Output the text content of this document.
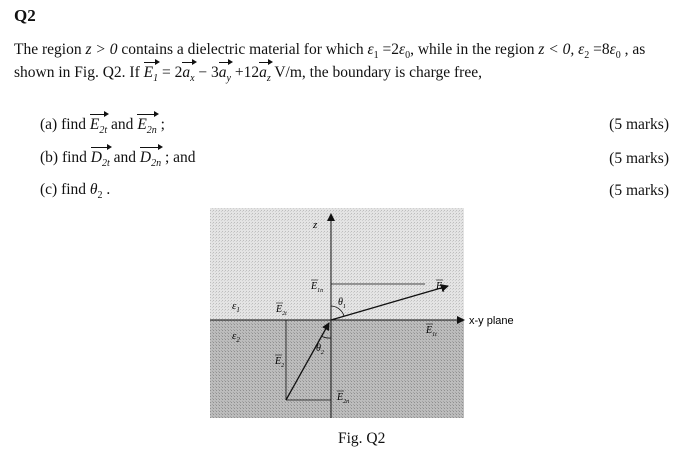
Q2
The region z > 0 contains a dielectric material for which $\varepsilon_1 =2\varepsilon_0$, while in the region z < 0, $\varepsilon_2 =8\varepsilon_0$ , as
shown in Fig. Q2. If $E_1 = 2a_x - 3a_y +12a_z$ V/m, the boundary is charge free,
(a) find $E_{2t}$ and $E_{2n}$ ;	(5 marks)
(b) find $D_{2t}$ and $D_{2n}$ ; and	(5 marks)
(c) find $\theta_2$ .	(5 marks)
z
$\varepsilon_1$
$\varepsilon_2$
$E_{1n}$	$E_1$
$\theta_1$
$E_{2t}$
$E_{1t}$
$\theta_2$
$E_2$
$E_{2n}$
x-y plane
Fig. Q2
